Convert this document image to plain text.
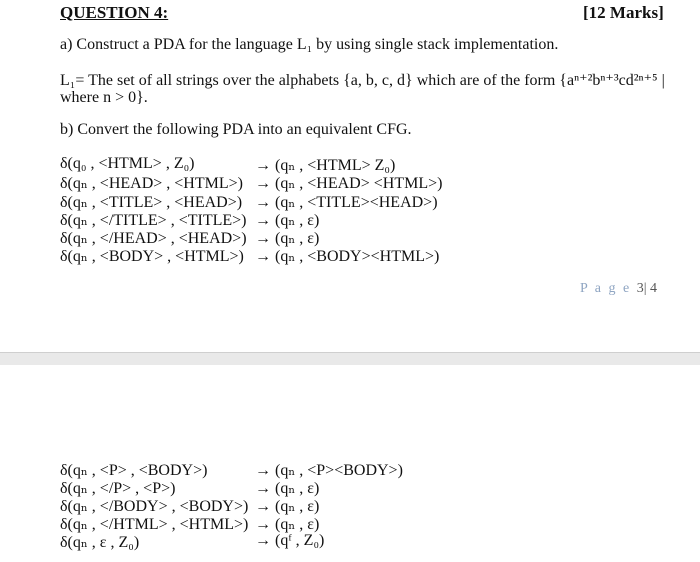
QUESTION 4:	[12 Marks]
a) Construct a PDA for the language L₁ by using single stack implementation.
L₁= The set of all strings over the alphabets {a, b, c, d} which are of the form {aⁿ⁺²bⁿ⁺³cd²ⁿ⁺⁵ |
where n > 0}.
b) Convert the following PDA into an equivalent CFG.
δ(q₀ , <HTML> , Z₀)	→ (qₙ , <HTML> Z₀)
δ(qₙ , <HEAD> , <HTML>) → (qₙ , <HEAD> <HTML>)
δ(qₙ , <TITLE> , <HEAD>) → (qₙ , <TITLE><HEAD>)
δ(qₙ , </TITLE> , <TITLE>) → (qₙ , ε)
δ(qₙ , </HEAD> , <HEAD>) → (qₙ , ε)
δ(qₙ , <BODY> , <HTML>) → (qₙ , <BODY><HTML>)
P a g e 3| 4
δ(qₙ , <P> , <BODY>)	→ (qₙ , <P><BODY>)
δ(qₙ , </P> , <P>)	→ (qₙ , ε)
δ(qₙ , </BODY> , <BODY>) → (qₙ , ε)
δ(qₙ , </HTML> , <HTML>) → (qₙ , ε)
δ(qₙ , ε , Z₀)	→ (qᶠ , Z₀)
